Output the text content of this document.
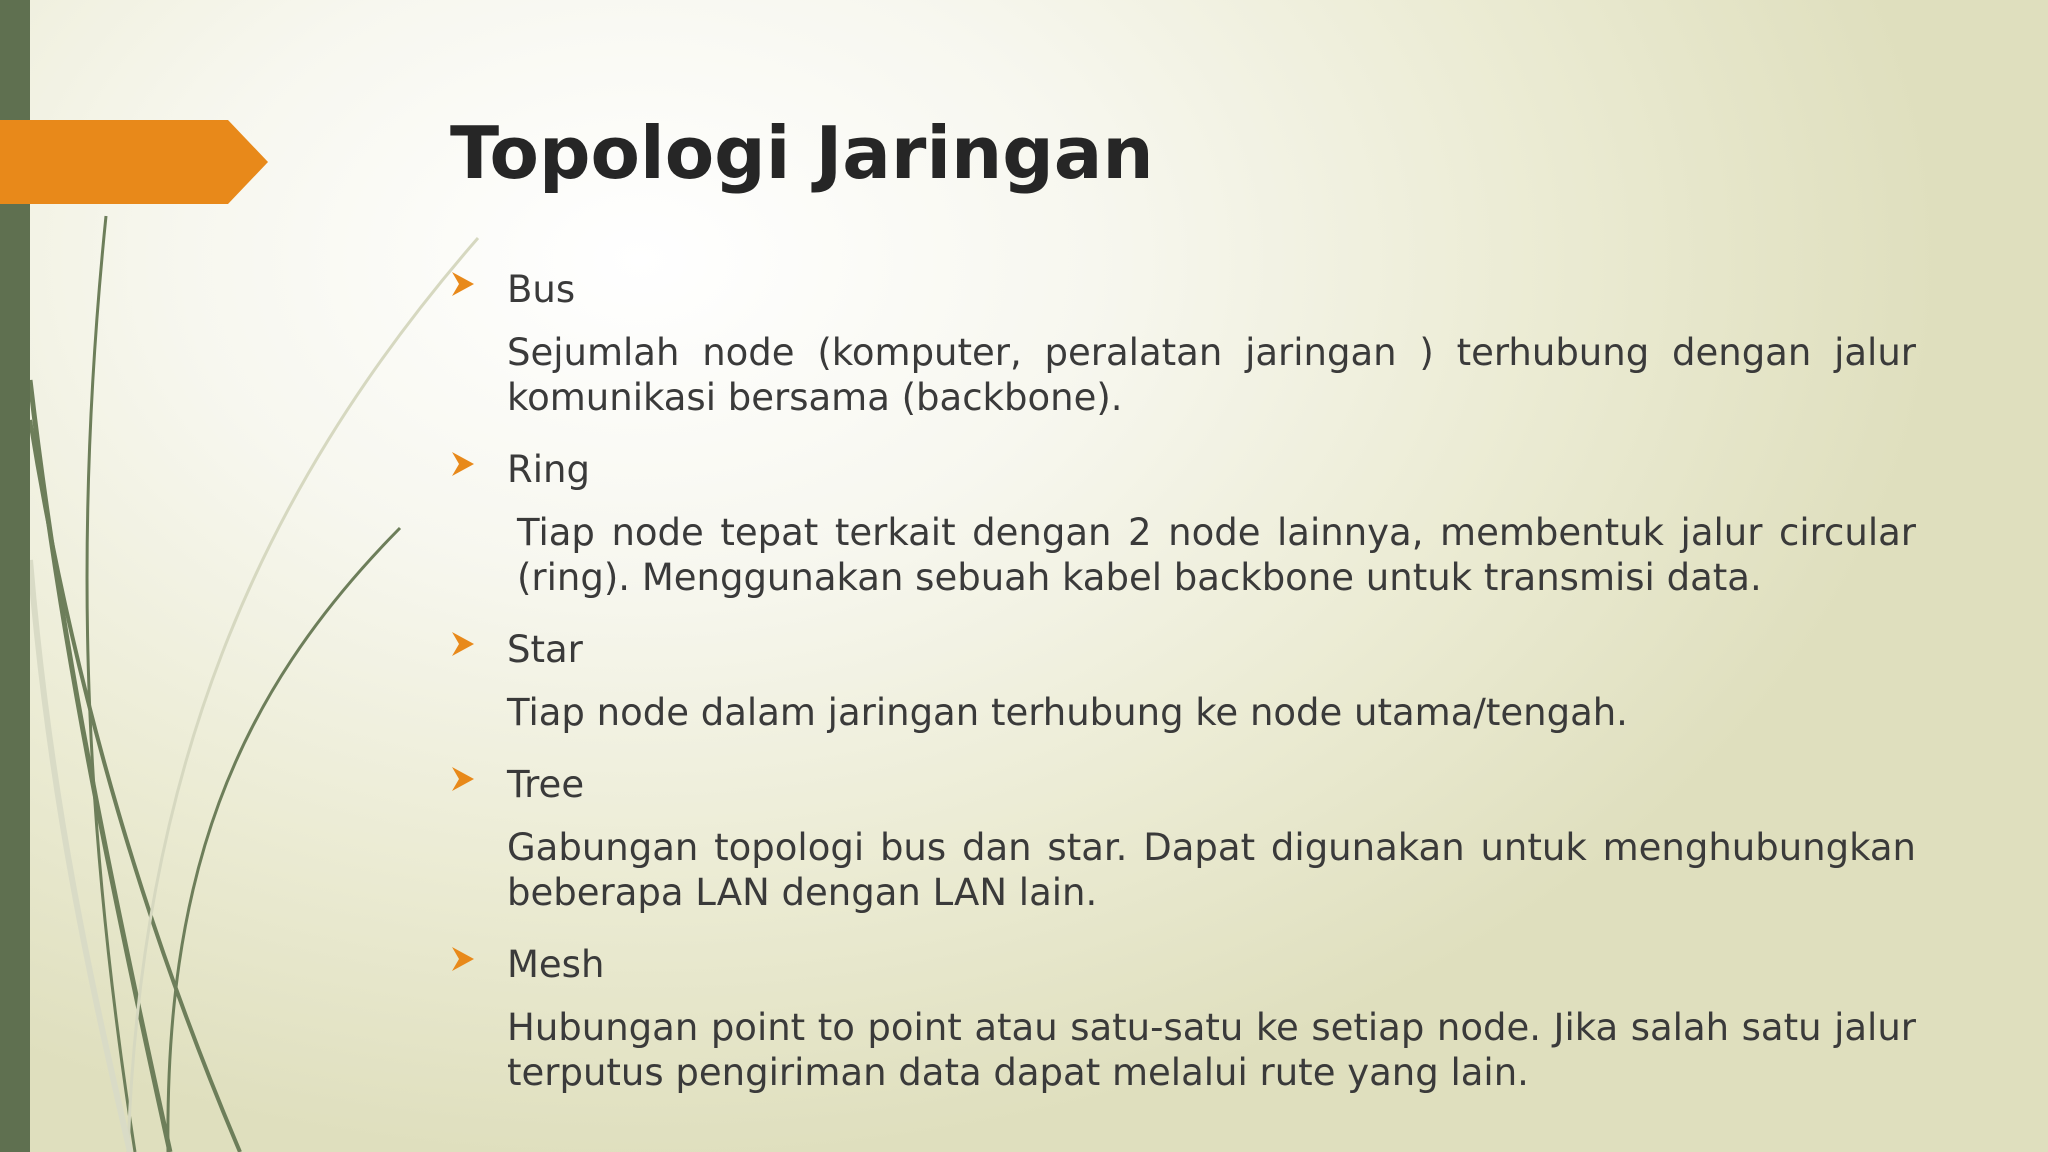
Topologi Jaringan
Bus

Sejumlah node (komputer, peralatan jaringan ) terhubung dengan jalur komunikasi bersama (backbone).

Ring

Tiap node tepat terkait dengan 2 node lainnya, membentuk jalur circular (ring). Menggunakan sebuah kabel backbone untuk transmisi data.

Star

Tiap node dalam jaringan terhubung ke node utama/tengah.

Tree

Gabungan topologi bus dan star. Dapat digunakan untuk menghubungkan beberapa LAN dengan LAN lain.

Mesh

Hubungan point to point atau satu-satu ke setiap node. Jika salah satu jalur terputus pengiriman data dapat melalui rute yang lain.
